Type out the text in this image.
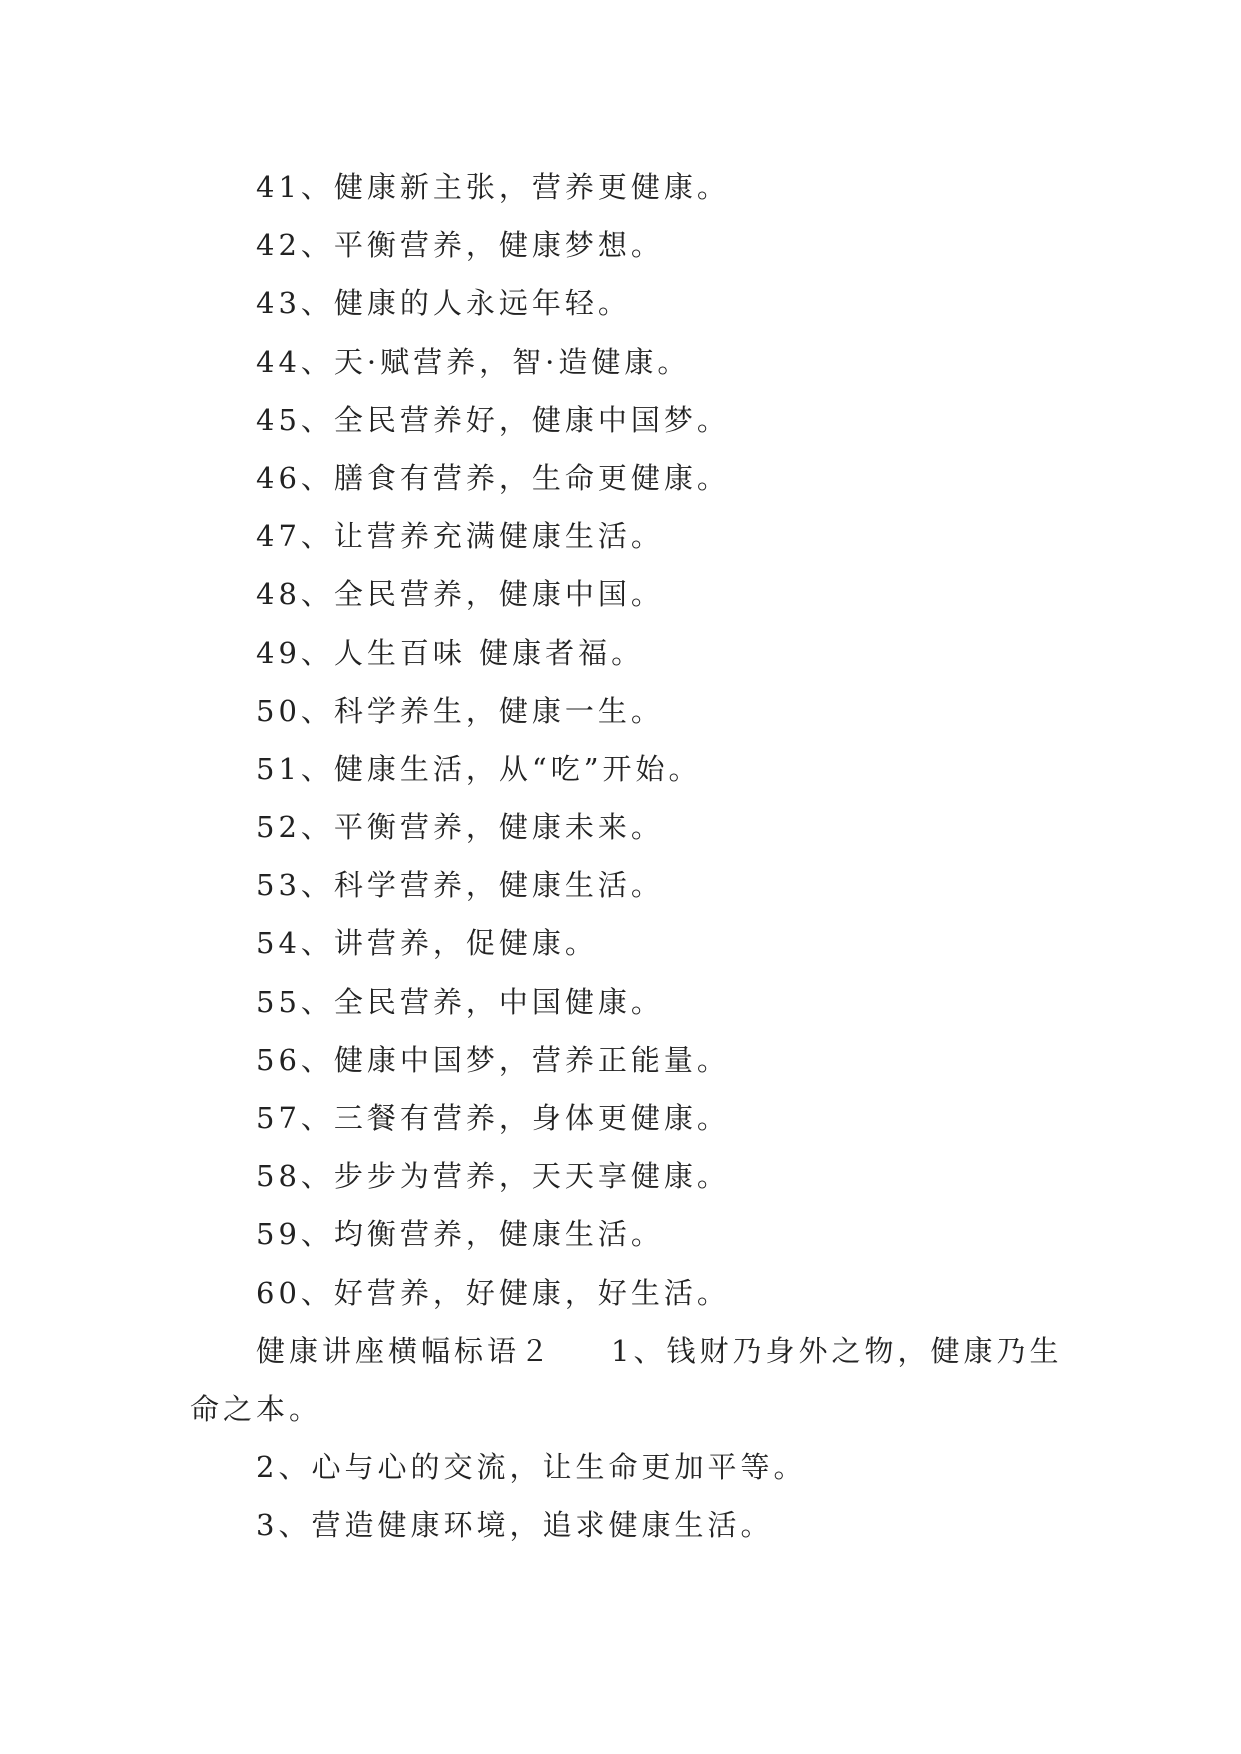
41、健康新主张，营养更健康。
42、平衡营养，健康梦想。
43、健康的人永远年轻。
44、天·赋营养，智·造健康。
45、全民营养好，健康中国梦。
46、膳食有营养，生命更健康。
47、让营养充满健康生活。
48、全民营养，健康中国。
49、人生百味 健康者福。
50、科学养生，健康一生。
51、健康生活，从“吃”开始。
52、平衡营养，健康未来。
53、科学营养，健康生活。
54、讲营养，促健康。
55、全民营养，中国健康。
56、健康中国梦，营养正能量。
57、三餐有营养，身体更健康。
58、步步为营养，天天享健康。
59、均衡营养，健康生活。
60、好营养，好健康，好生活。
健康讲座横幅标语２ 1、钱财乃身外之物，健康乃生命之本。
2、心与心的交流，让生命更加平等。
3、营造健康环境，追求健康生活。
